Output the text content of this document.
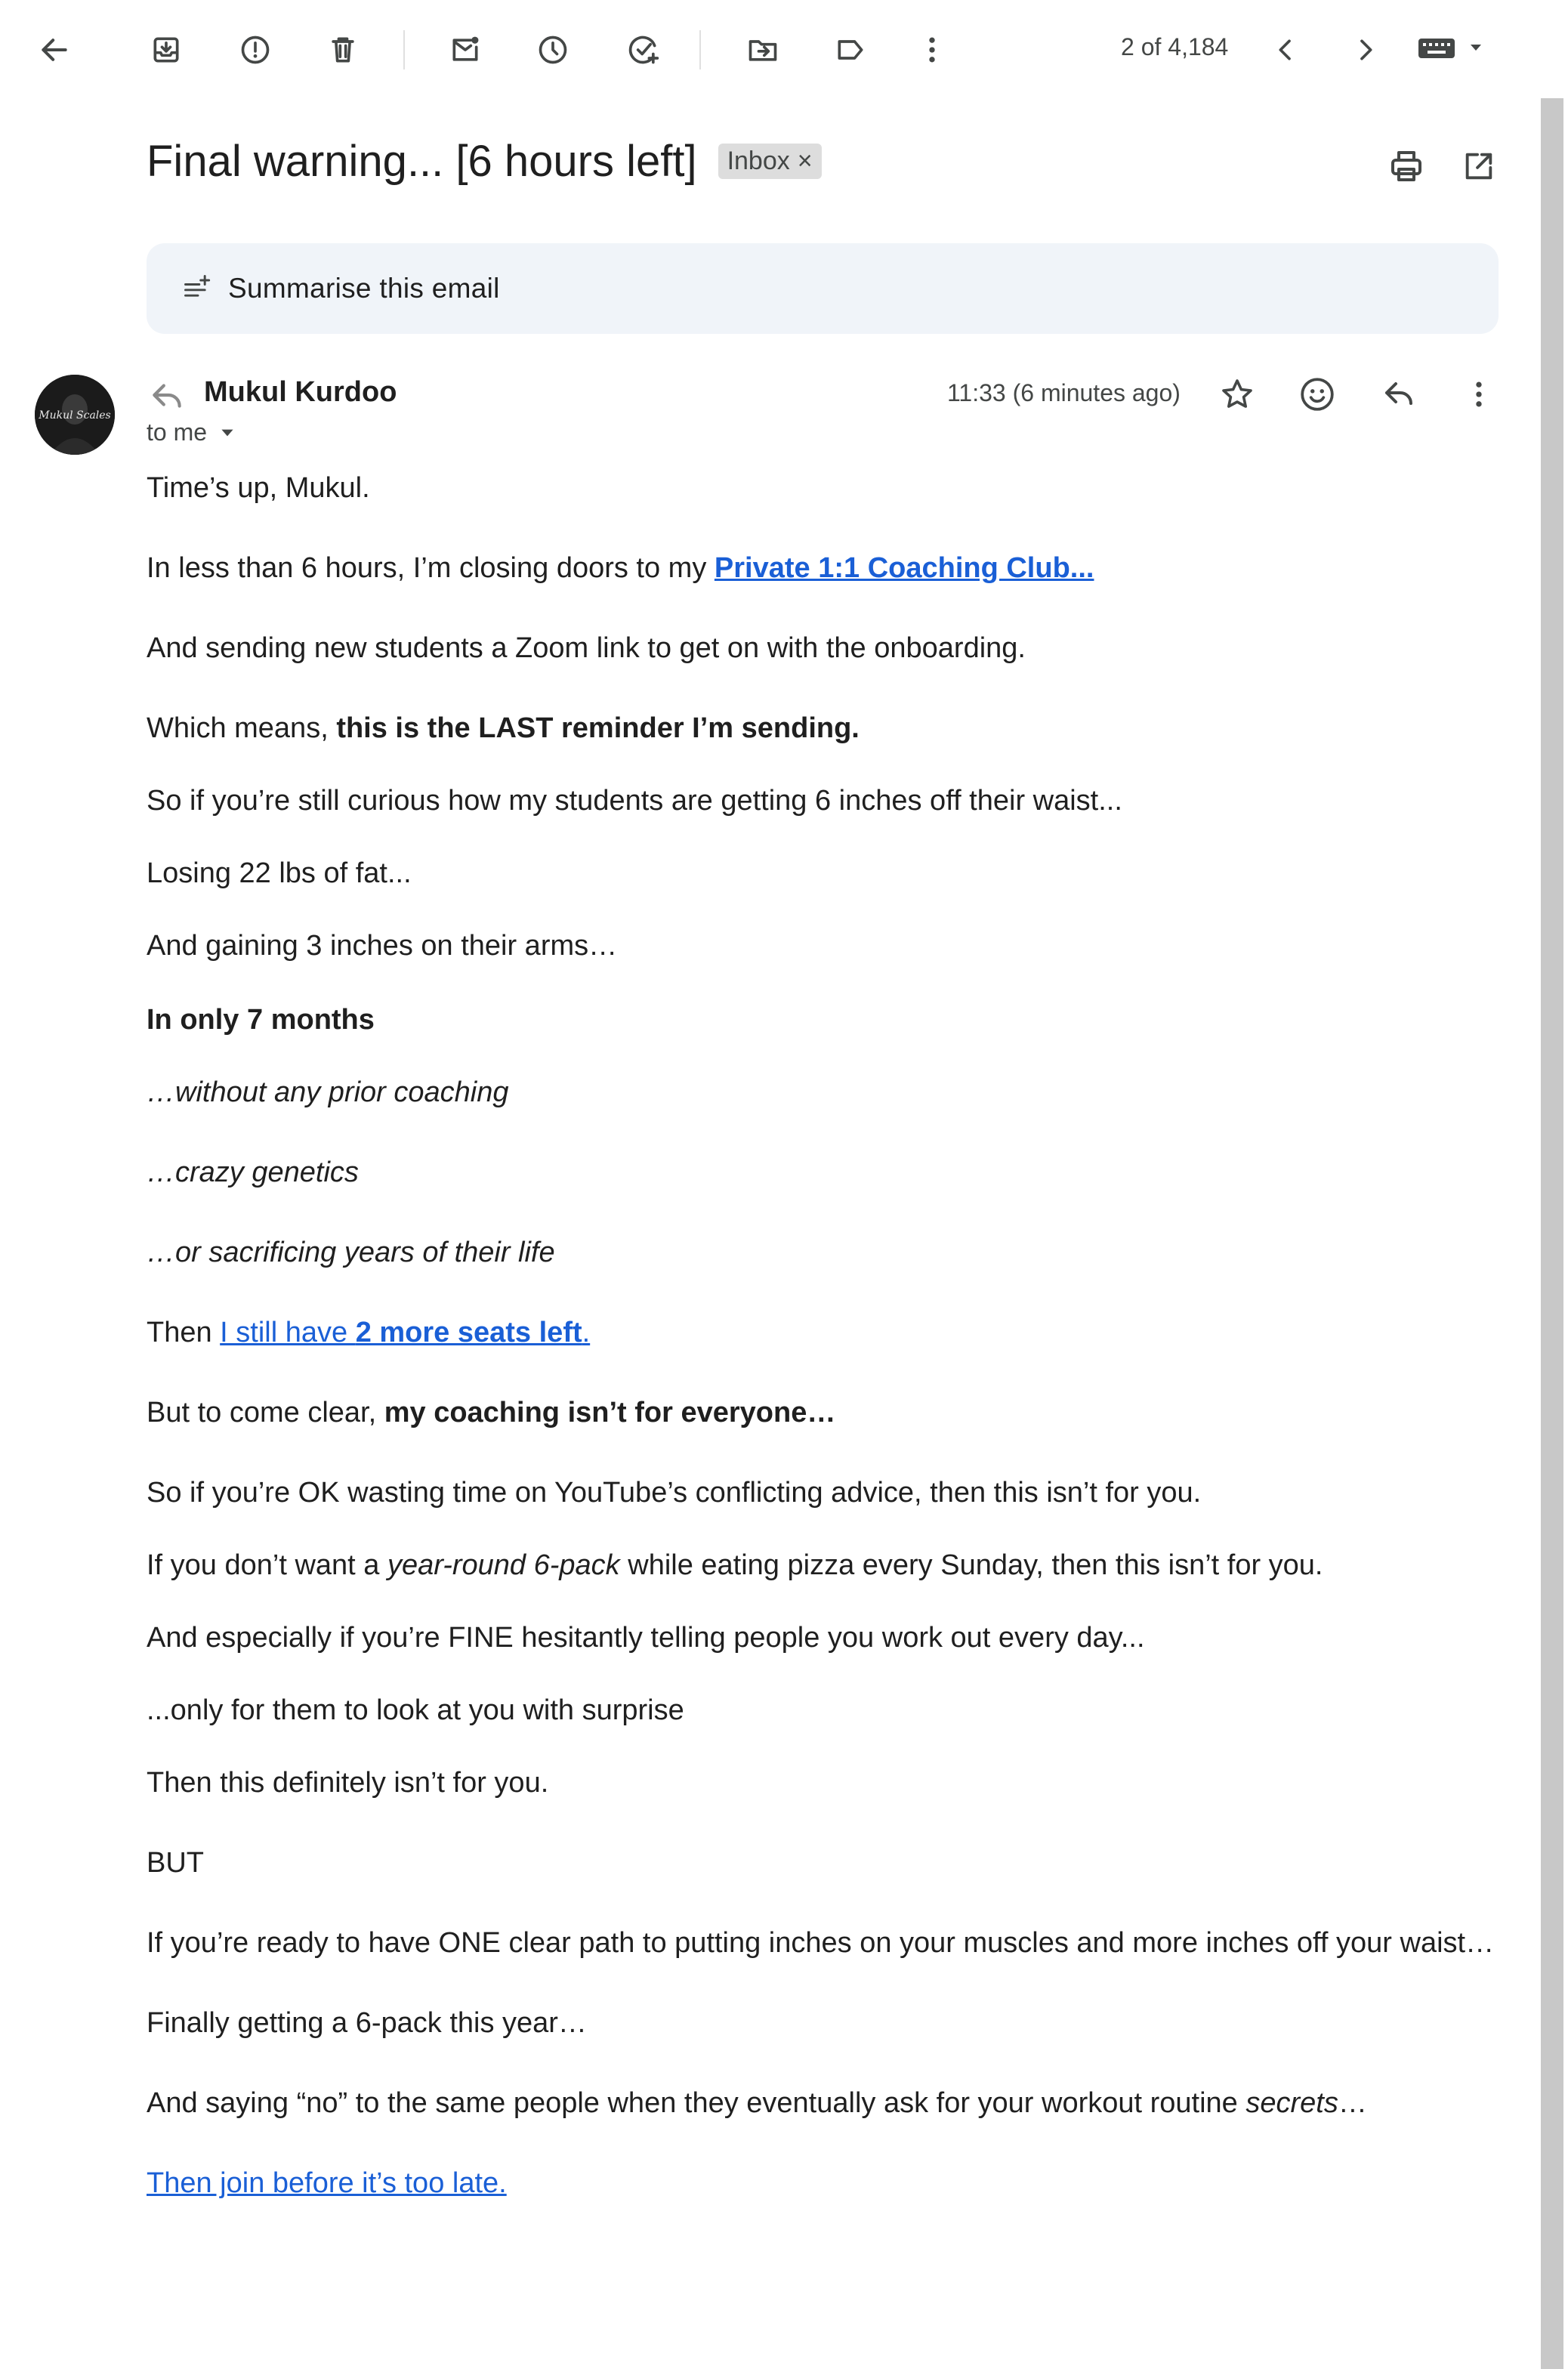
2 of 4,184
Final warning... [6 hours left] Inbox ×
Summarise this email
Mukul Scales
Mukul Kurdoo
to me
11:33 (6 minutes ago)

Time’s up, Mukul.

In less than 6 hours, I’m closing doors to my Private 1:1 Coaching Club...

And sending new students a Zoom link to get on with the onboarding.

Which means, this is the LAST reminder I’m sending.

So if you’re still curious how my students are getting 6 inches off their waist...

Losing 22 lbs of fat...

And gaining 3 inches on their arms…

In only 7 months

…without any prior coaching

…crazy genetics

…or sacrificing years of their life

Then I still have 2 more seats left.

But to come clear, my coaching isn’t for everyone…

So if you’re OK wasting time on YouTube’s conflicting advice, then this isn’t for you.

If you don’t want a year-round 6-pack while eating pizza every Sunday, then this isn’t for you.

And especially if you’re FINE hesitantly telling people you work out every day...

...only for them to look at you with surprise

Then this definitely isn’t for you.

BUT

If you’re ready to have ONE clear path to putting inches on your muscles and more inches off your waist…

Finally getting a 6-pack this year…

And saying “no” to the same people when they eventually ask for your workout routine secrets…

Then join before it’s too late.
